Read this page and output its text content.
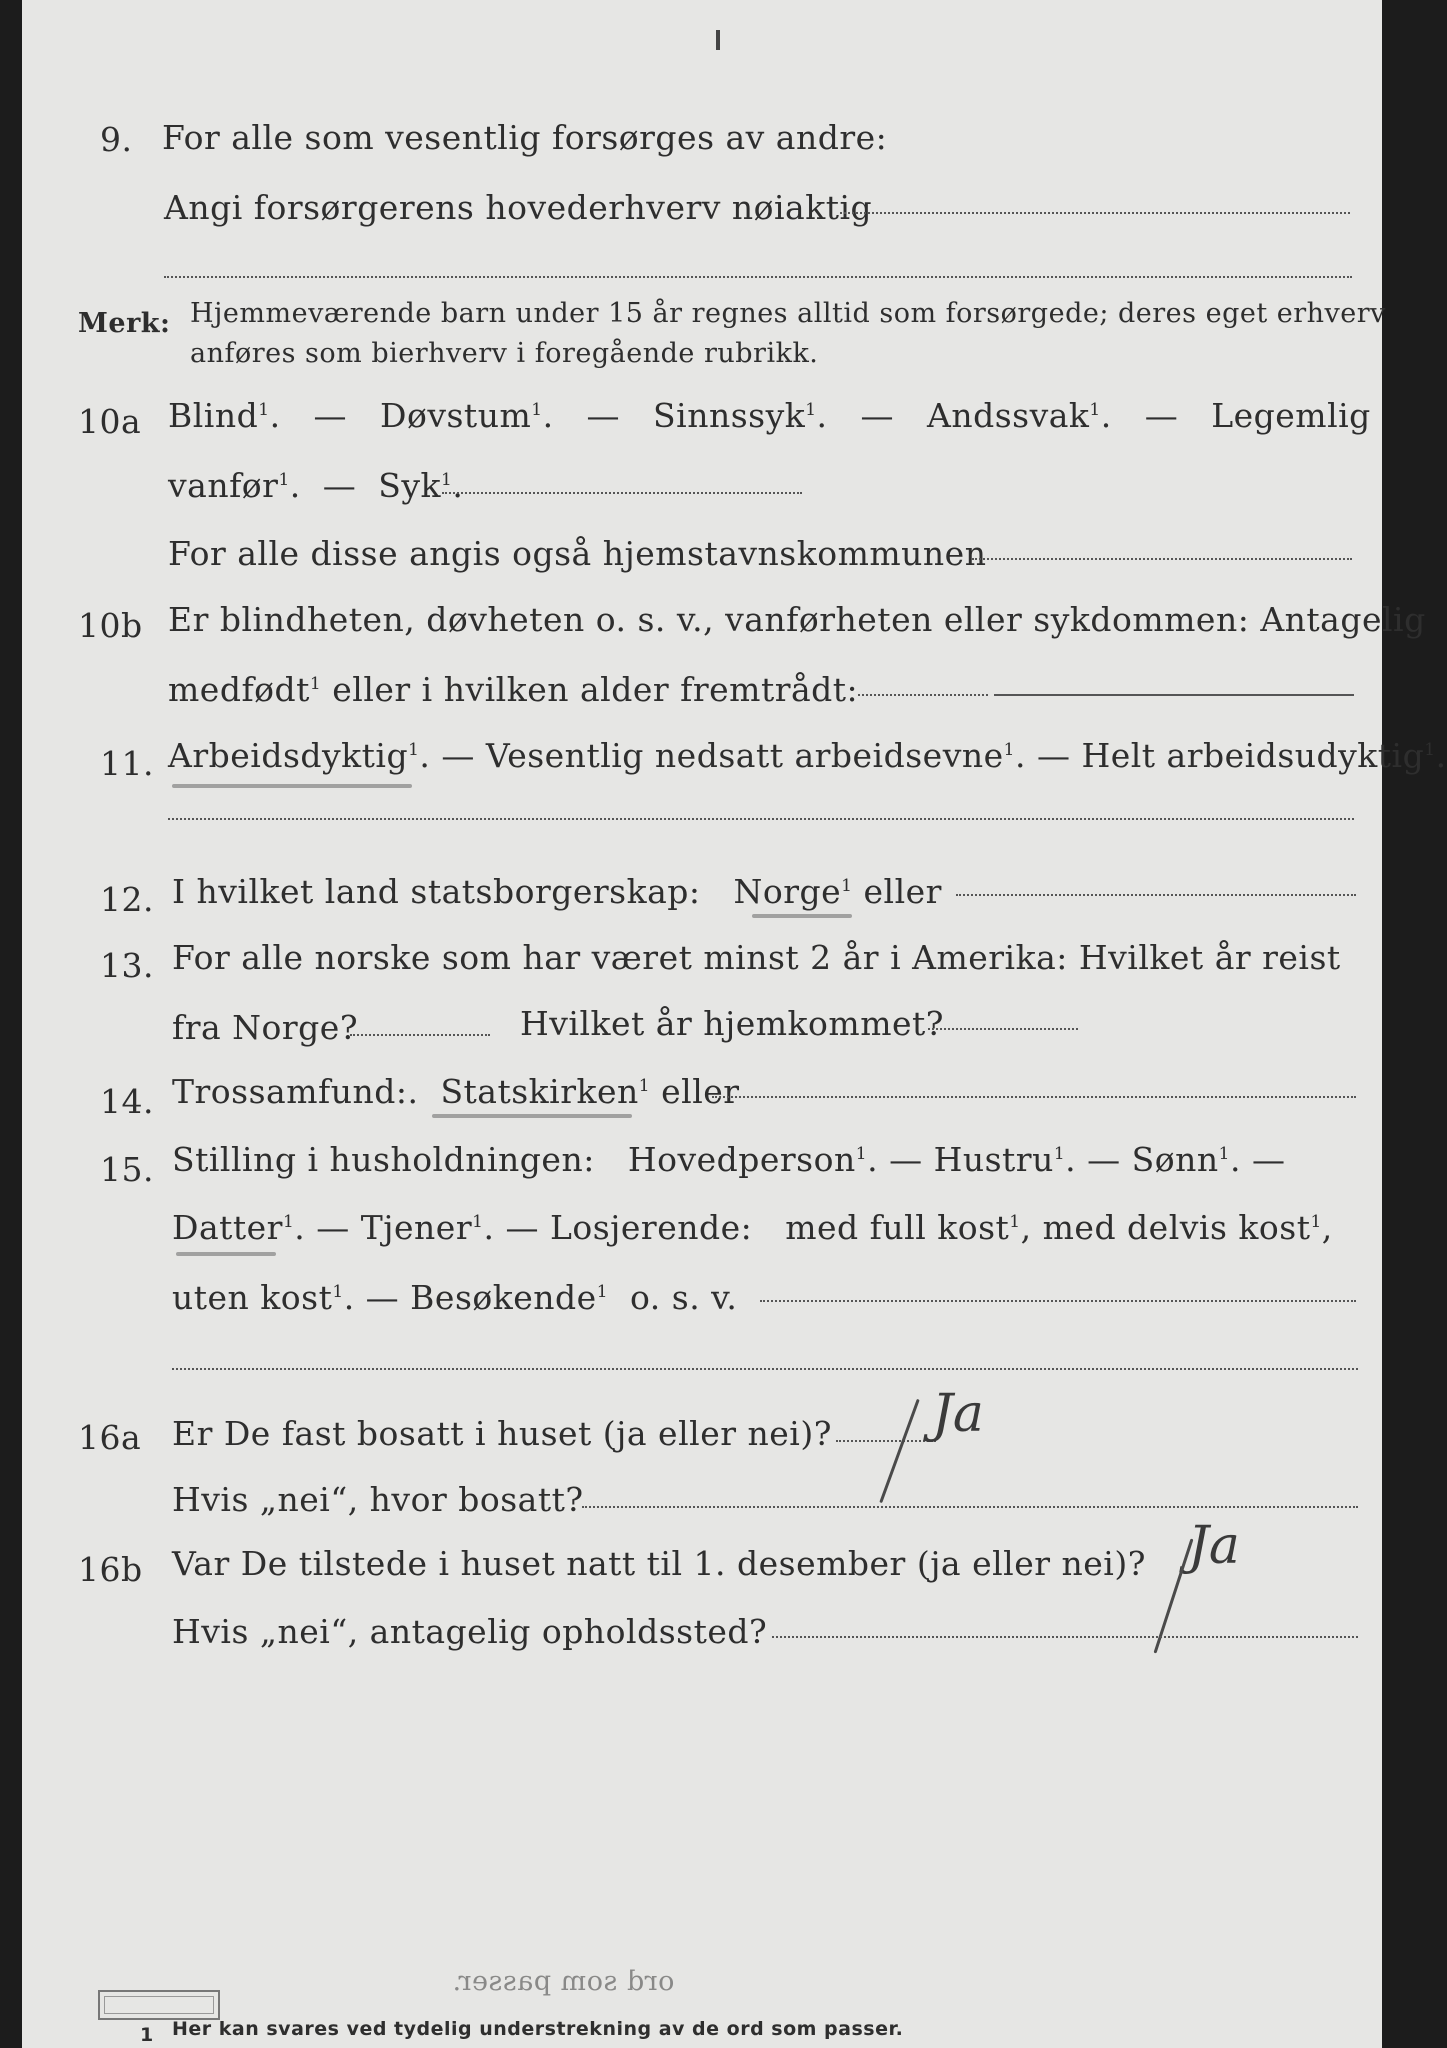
9. For alle som vesentlig forsørges av andre:
Angi forsørgerens hovederhverv nøiaktig
Merk: Hjemmeværende barn under 15 år regnes alltid som forsørgede; deres eget erhverv
anføres som bierhverv i foregående rubrikk.
10a Blind$^1$.   —   Døvstum$^1$.   —   Sinnssyk$^1$.   —   Andssvak$^1$.   —   Legemlig
vanfør$^1$.  —  Syk$^1$.
For alle disse angis også hjemstavnskommunen
10b Er blindheten, døvheten o. s. v., vanførheten eller sykdommen: Antagelig
medfødt$^1$ eller i hvilken alder fremtrådt:
11. Arbeidsdyktig$^1$. — Vesentlig nedsatt arbeidsevne$^1$. — Helt arbeidsudyktig$^1$.
12. I hvilket land statsborgerskap: Norge$^1$ eller
13. For alle norske som har været minst 2 år i Amerika: Hvilket år reist
fra Norge?	Hvilket år hjemkommet?
14. Trossamfund:.  Statskirken$^1$ eller
15. Stilling i husholdningen: Hovedperson$^1$. — Hustru$^1$. — Sønn$^1$. —
Datter$^1$. — Tjener$^1$. — Losjerende: med full kost$^1$, med delvis kost$^1$,
uten kost$^1$. — Besøkende$^1$ o. s. v.
16a Er De fast bosatt i huset (ja eller nei)? Ja
Hvis „nei“, hvor bosatt?
16b Var De tilstede i huset natt til 1. desember (ja eller nei)? Ja
Hvis „nei“, antagelig opholdssted?
ord som passer.
1 Her kan svares ved tydelig understrekning av de ord som passer.
